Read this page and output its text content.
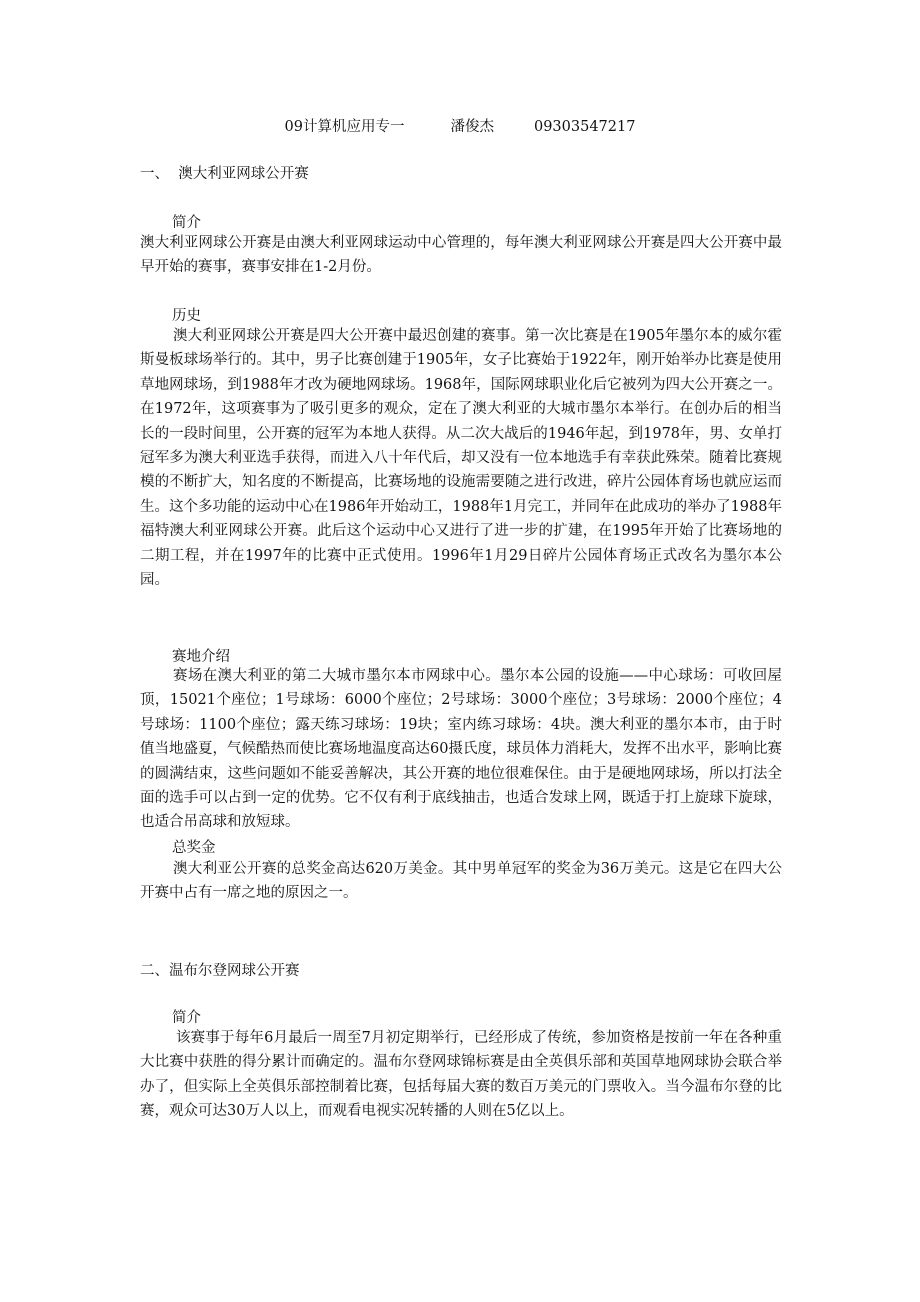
09计算机应用专一	潘俊杰	09303547217
一、  澳大利亚网球公开赛
简介
澳大利亚网球公开赛是由澳大利亚网球运动中心管理的，每年澳大利亚网球公开赛是四大公开赛中最早开始的赛事，赛事安排在1-2月份。
历史
澳大利亚网球公开赛是四大公开赛中最迟创建的赛事。第一次比赛是在1905年墨尔本的威尔霍斯曼板球场举行的。其中，男子比赛创建于1905年，女子比赛始于1922年，刚开始举办比赛是使用草地网球场，到1988年才改为硬地网球场。1968年，国际网球职业化后它被列为四大公开赛之一。在1972年，这项赛事为了吸引更多的观众，定在了澳大利亚的大城市墨尔本举行。在创办后的相当长的一段时间里，公开赛的冠军为本地人获得。从二次大战后的1946年起，到1978年，男、女单打冠军多为澳大利亚选手获得，而进入八十年代后，却又没有一位本地选手有幸获此殊荣。随着比赛规模的不断扩大，知名度的不断提高，比赛场地的设施需要随之进行改进，碎片公园体育场也就应运而生。这个多功能的运动中心在1986年开始动工，1988年1月完工，并同年在此成功的举办了1988年福特澳大利亚网球公开赛。此后这个运动中心又进行了进一步的扩建，在1995年开始了比赛场地的二期工程，并在1997年的比赛中正式使用。1996年1月29日碎片公园体育场正式改名为墨尔本公园。
赛地介绍
赛场在澳大利亚的第二大城市墨尔本市网球中心。墨尔本公园的设施——中心球场：可收回屋顶，15021个座位；1号球场：6000个座位；2号球场：3000个座位；3号球场：2000个座位；4号球场：1100个座位；露天练习球场：19块；室内练习球场：4块。澳大利亚的墨尔本市，由于时值当地盛夏，气候酷热而使比赛场地温度高达60摄氏度，球员体力消耗大，发挥不出水平，影响比赛的圆满结束，这些问题如不能妥善解决，其公开赛的地位很难保住。由于是硬地网球场，所以打法全面的选手可以占到一定的优势。它不仅有利于底线抽击，也适合发球上网，既适于打上旋球下旋球，也适合吊高球和放短球。
总奖金
澳大利亚公开赛的总奖金高达620万美金。其中男单冠军的奖金为36万美元。这是它在四大公开赛中占有一席之地的原因之一。
二、温布尔登网球公开赛
简介
该赛事于每年6月最后一周至7月初定期举行，已经形成了传统，参加资格是按前一年在各种重大比赛中获胜的得分累计而确定的。温布尔登网球锦标赛是由全英俱乐部和英国草地网球协会联合举办了，但实际上全英俱乐部控制着比赛，包括每届大赛的数百万美元的门票收入。当今温布尔登的比赛，观众可达30万人以上，而观看电视实况转播的人则在5亿以上。
